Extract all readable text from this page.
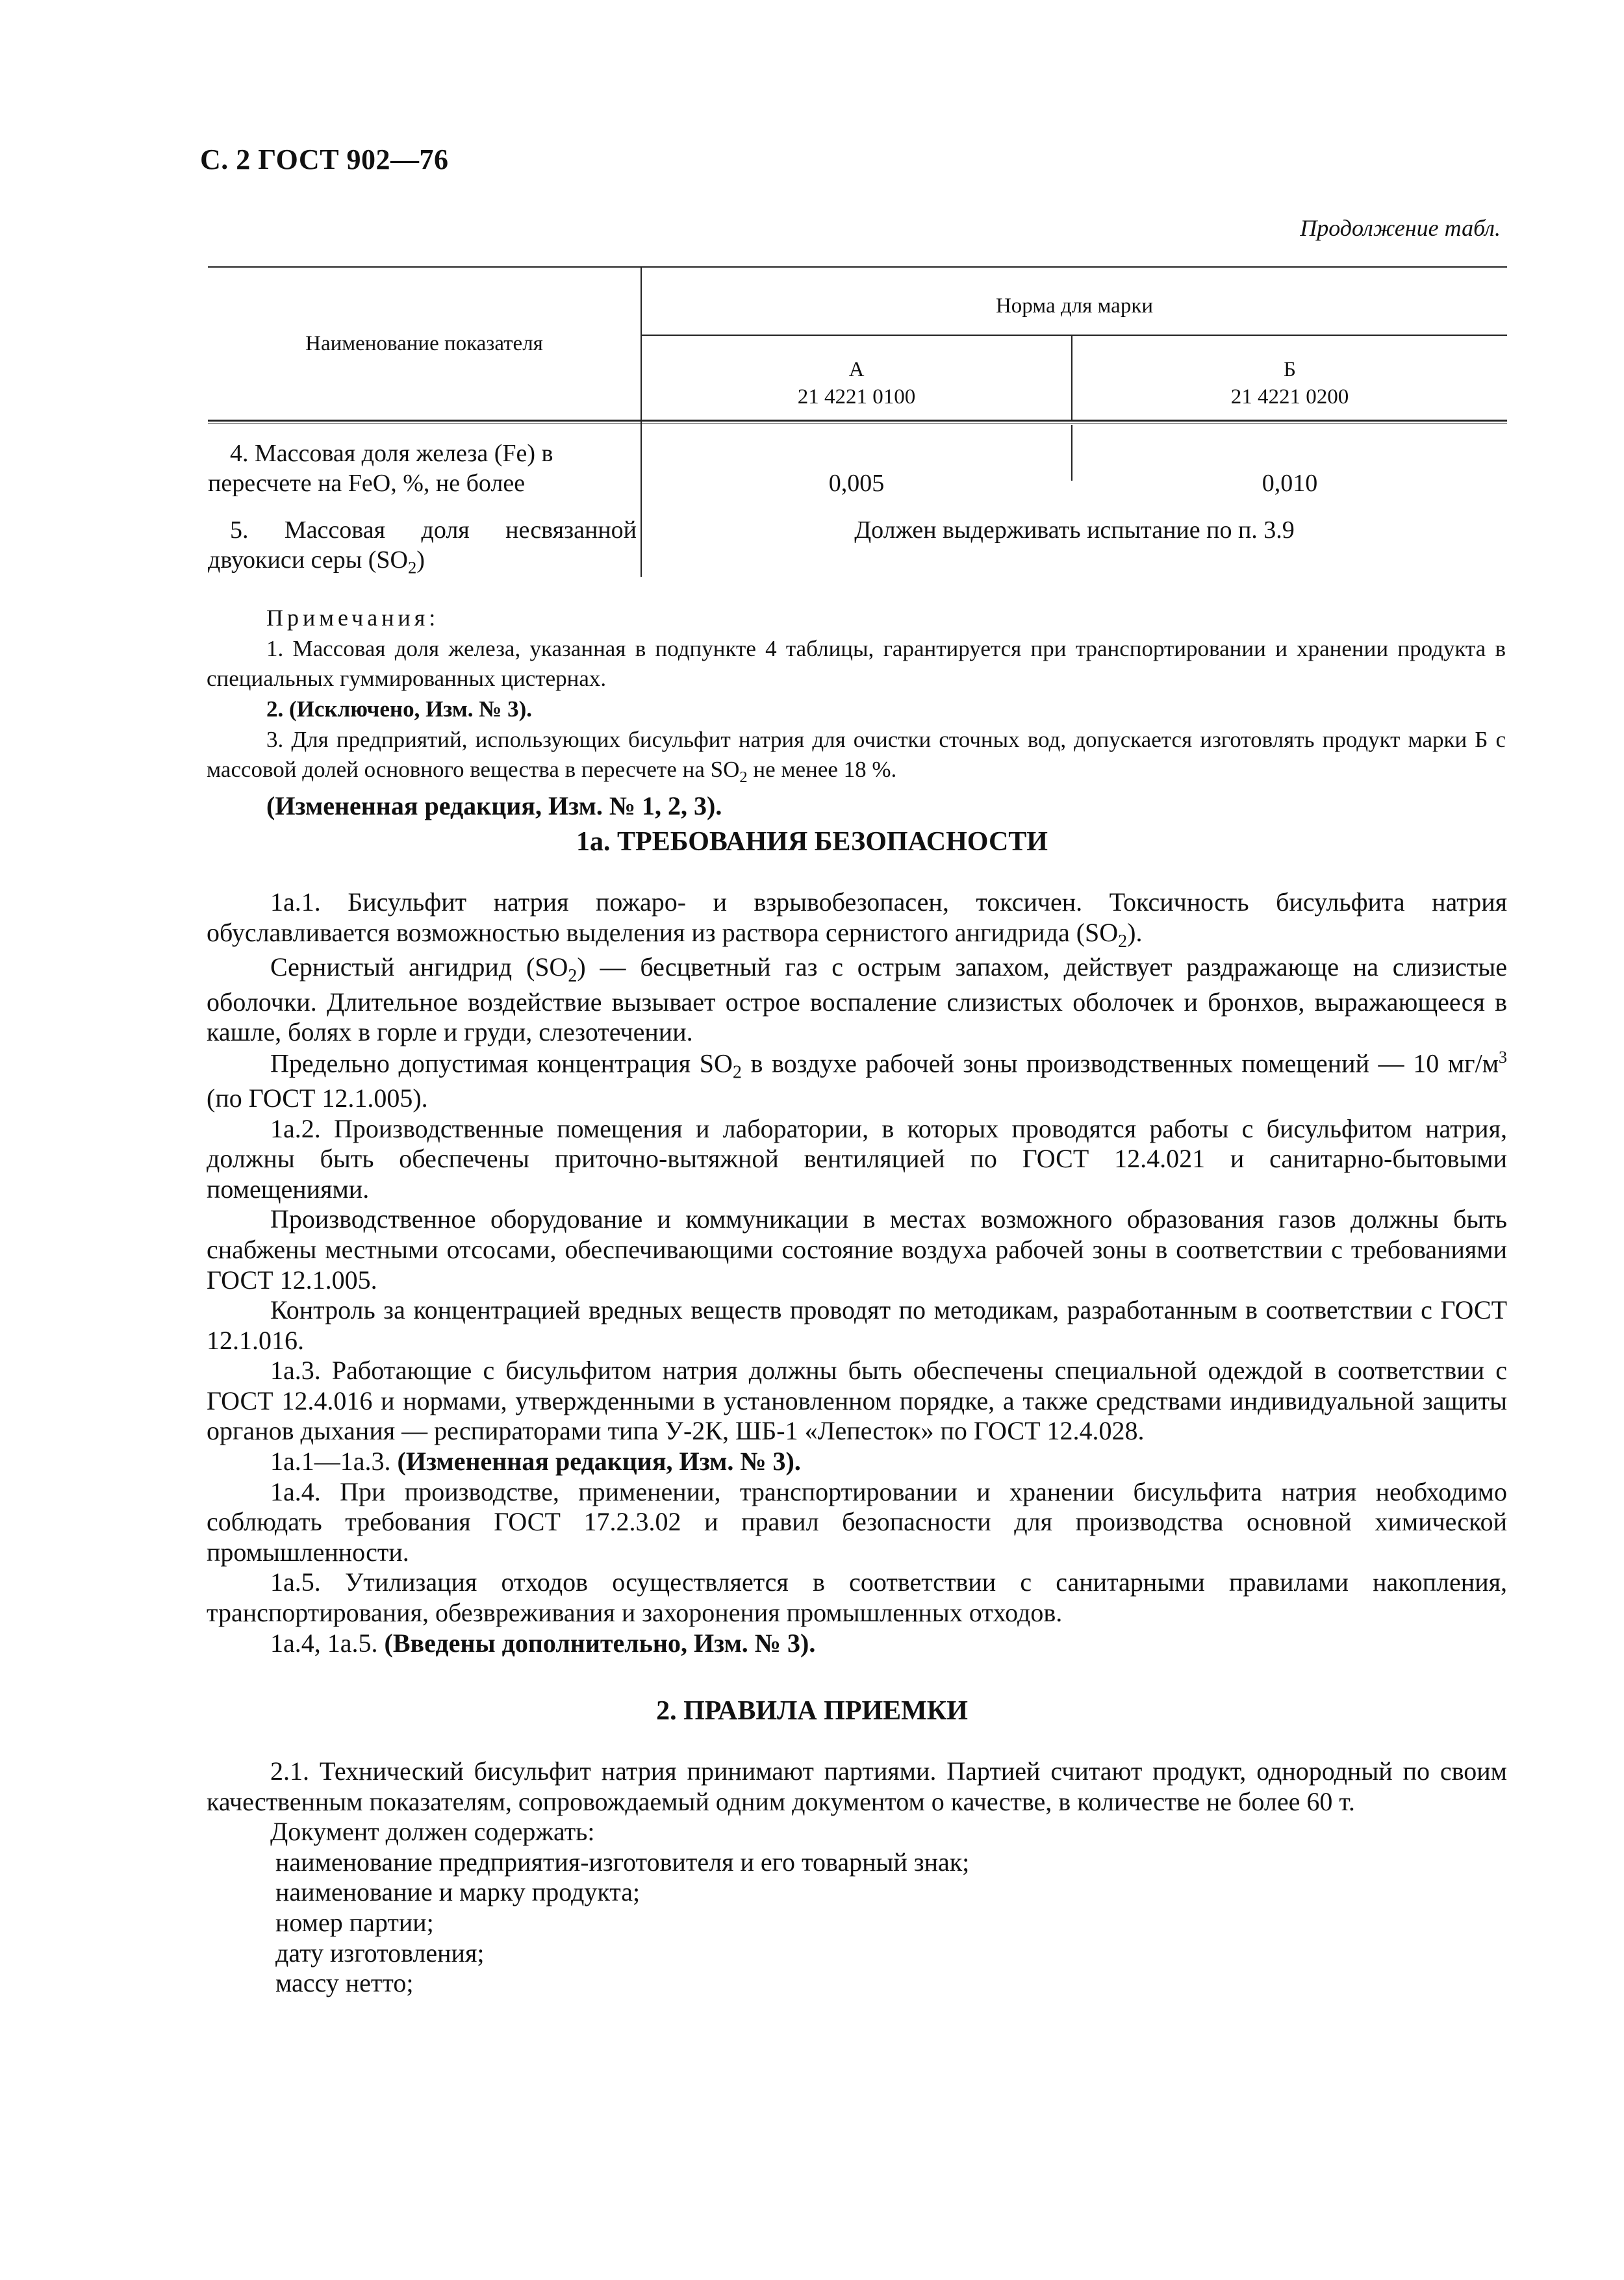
С. 2 ГОСТ 902—76
Продолжение табл.
Наименование показателя
Норма для марки
А
21 4221 0100
Б
21 4221 0200
4. Массовая доля железа (Fe) в
пересчете на FeO, %, не более	0,005	0,010
5. Массовая доля несвязанной
двуокиси серы $(SO_2)$
Должен выдерживать испытание по п. 3.9

Примечания:

1. Массовая доля железа, указанная в подпункте 4 таблицы, гарантируется при транспортировании и хранении продукта в специальных гуммированных цистернах.

2. (Исключено, Изм. № 3).

3. Для предприятий, использующих бисульфит натрия для очистки сточных вод, допускается изготовлять продукт марки Б с массовой долей основного вещества в пересчете на $SO_2$ не менее 18 %.

(Измененная редакция, Изм. № 1, 2, 3).

1а. ТРЕБОВАНИЯ БЕЗОПАСНОСТИ

1а.1. Бисульфит натрия пожаро- и взрывобезопасен, токсичен. Токсичность бисульфита натрия обуславливается возможностью выделения из раствора сернистого ангидрида $(SO_2)$.

Сернистый ангидрид $(SO_2)$ — бесцветный газ с острым запахом, действует раздражающе на слизистые оболочки. Длительное воздействие вызывает острое воспаление слизистых оболочек и бронхов, выражающееся в кашле, болях в горле и груди, слезотечении.

Предельно допустимая концентрация $SO_2$ в воздухе рабочей зоны производственных помещений — 10 $мг/м^3$ (по ГОСТ 12.1.005).

1а.2. Производственные помещения и лаборатории, в которых проводятся работы с бисульфитом натрия, должны быть обеспечены приточно-вытяжной вентиляцией по ГОСТ 12.4.021 и санитарно-бытовыми помещениями.

Производственное оборудование и коммуникации в местах возможного образования газов должны быть снабжены местными отсосами, обеспечивающими состояние воздуха рабочей зоны в соответствии с требованиями ГОСТ 12.1.005.

Контроль за концентрацией вредных веществ проводят по методикам, разработанным в соответствии с ГОСТ 12.1.016.

1а.3. Работающие с бисульфитом натрия должны быть обеспечены специальной одеждой в соответствии с ГОСТ 12.4.016 и нормами, утвержденными в установленном порядке, а также средствами индивидуальной защиты органов дыхания — респираторами типа У-2К, ШБ-1 «Лепесток» по ГОСТ 12.4.028.

1а.1—1а.3. (Измененная редакция, Изм. № 3).

1а.4. При производстве, применении, транспортировании и хранении бисульфита натрия необходимо соблюдать требования ГОСТ 17.2.3.02 и правил безопасности для производства основной химической промышленности.

1а.5. Утилизация отходов осуществляется в соответствии с санитарными правилами накопления, транспортирования, обезвреживания и захоронения промышленных отходов.

1а.4, 1а.5. (Введены дополнительно, Изм. № 3).

2. ПРАВИЛА ПРИЕМКИ

2.1. Технический бисульфит натрия принимают партиями. Партией считают продукт, однородный по своим качественным показателям, сопровождаемый одним документом о качестве, в количестве не более 60 т.

Документ должен содержать:

наименование предприятия-изготовителя и его товарный знак;

наименование и марку продукта;

номер партии;

дату изготовления;

массу нетто;
